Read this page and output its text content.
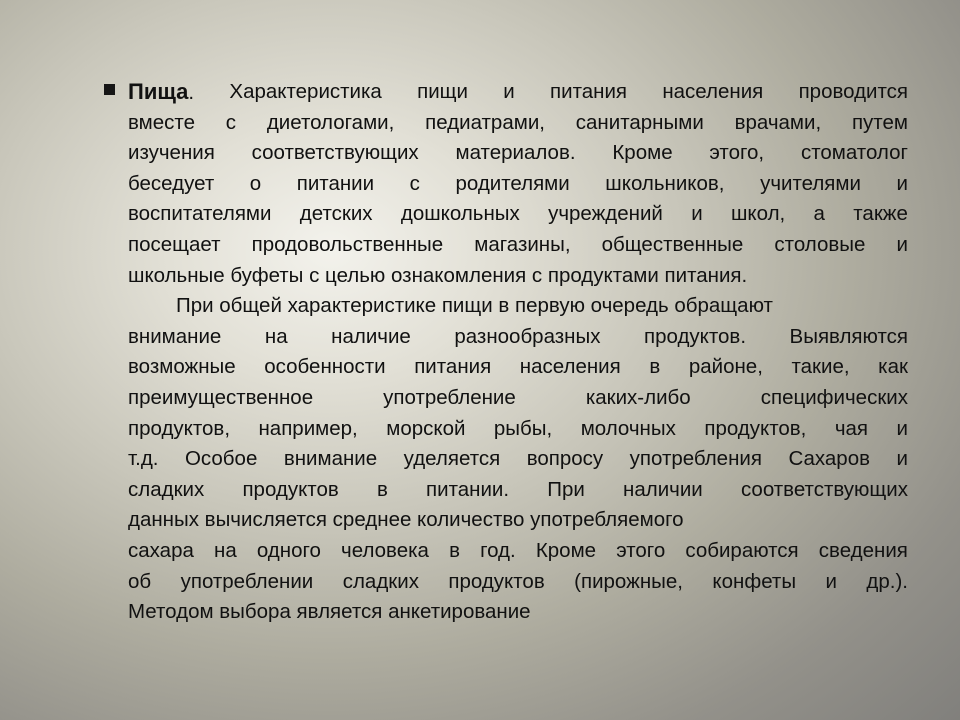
Пища. Характеристика пищи и питания населения проводится
вместе с диетологами, педиатрами, санитарными врачами, путем
изучения соответствующих материалов. Кроме этого, стоматолог
беседует о питании с родителями школьников, учителями и
воспитателями детских дошкольных учреждений и школ, а также
посещает продовольственные магазины, общественные столовые и
школьные буфеты с целью ознакомления с продуктами питания.
При общей характеристике пищи в первую очередь обращают
внимание на наличие разнообразных продуктов. Выявляются
возможные особенности питания населения в районе, такие, как
преимущественное	употребление	каких-либо	специфических
продуктов, например, морской рыбы, молочных продуктов, чая и
т.д. Особое внимание уделяется вопросу употребления Сахаров и
сладких продуктов в питании. При наличии соответствующих
данных вычисляется среднее количество употребляемого
сахара на одного человека в год. Кроме этого собираются сведения
об употреблении сладких продуктов (пирожные, конфеты и др.).
Методом выбора является анкетирование
